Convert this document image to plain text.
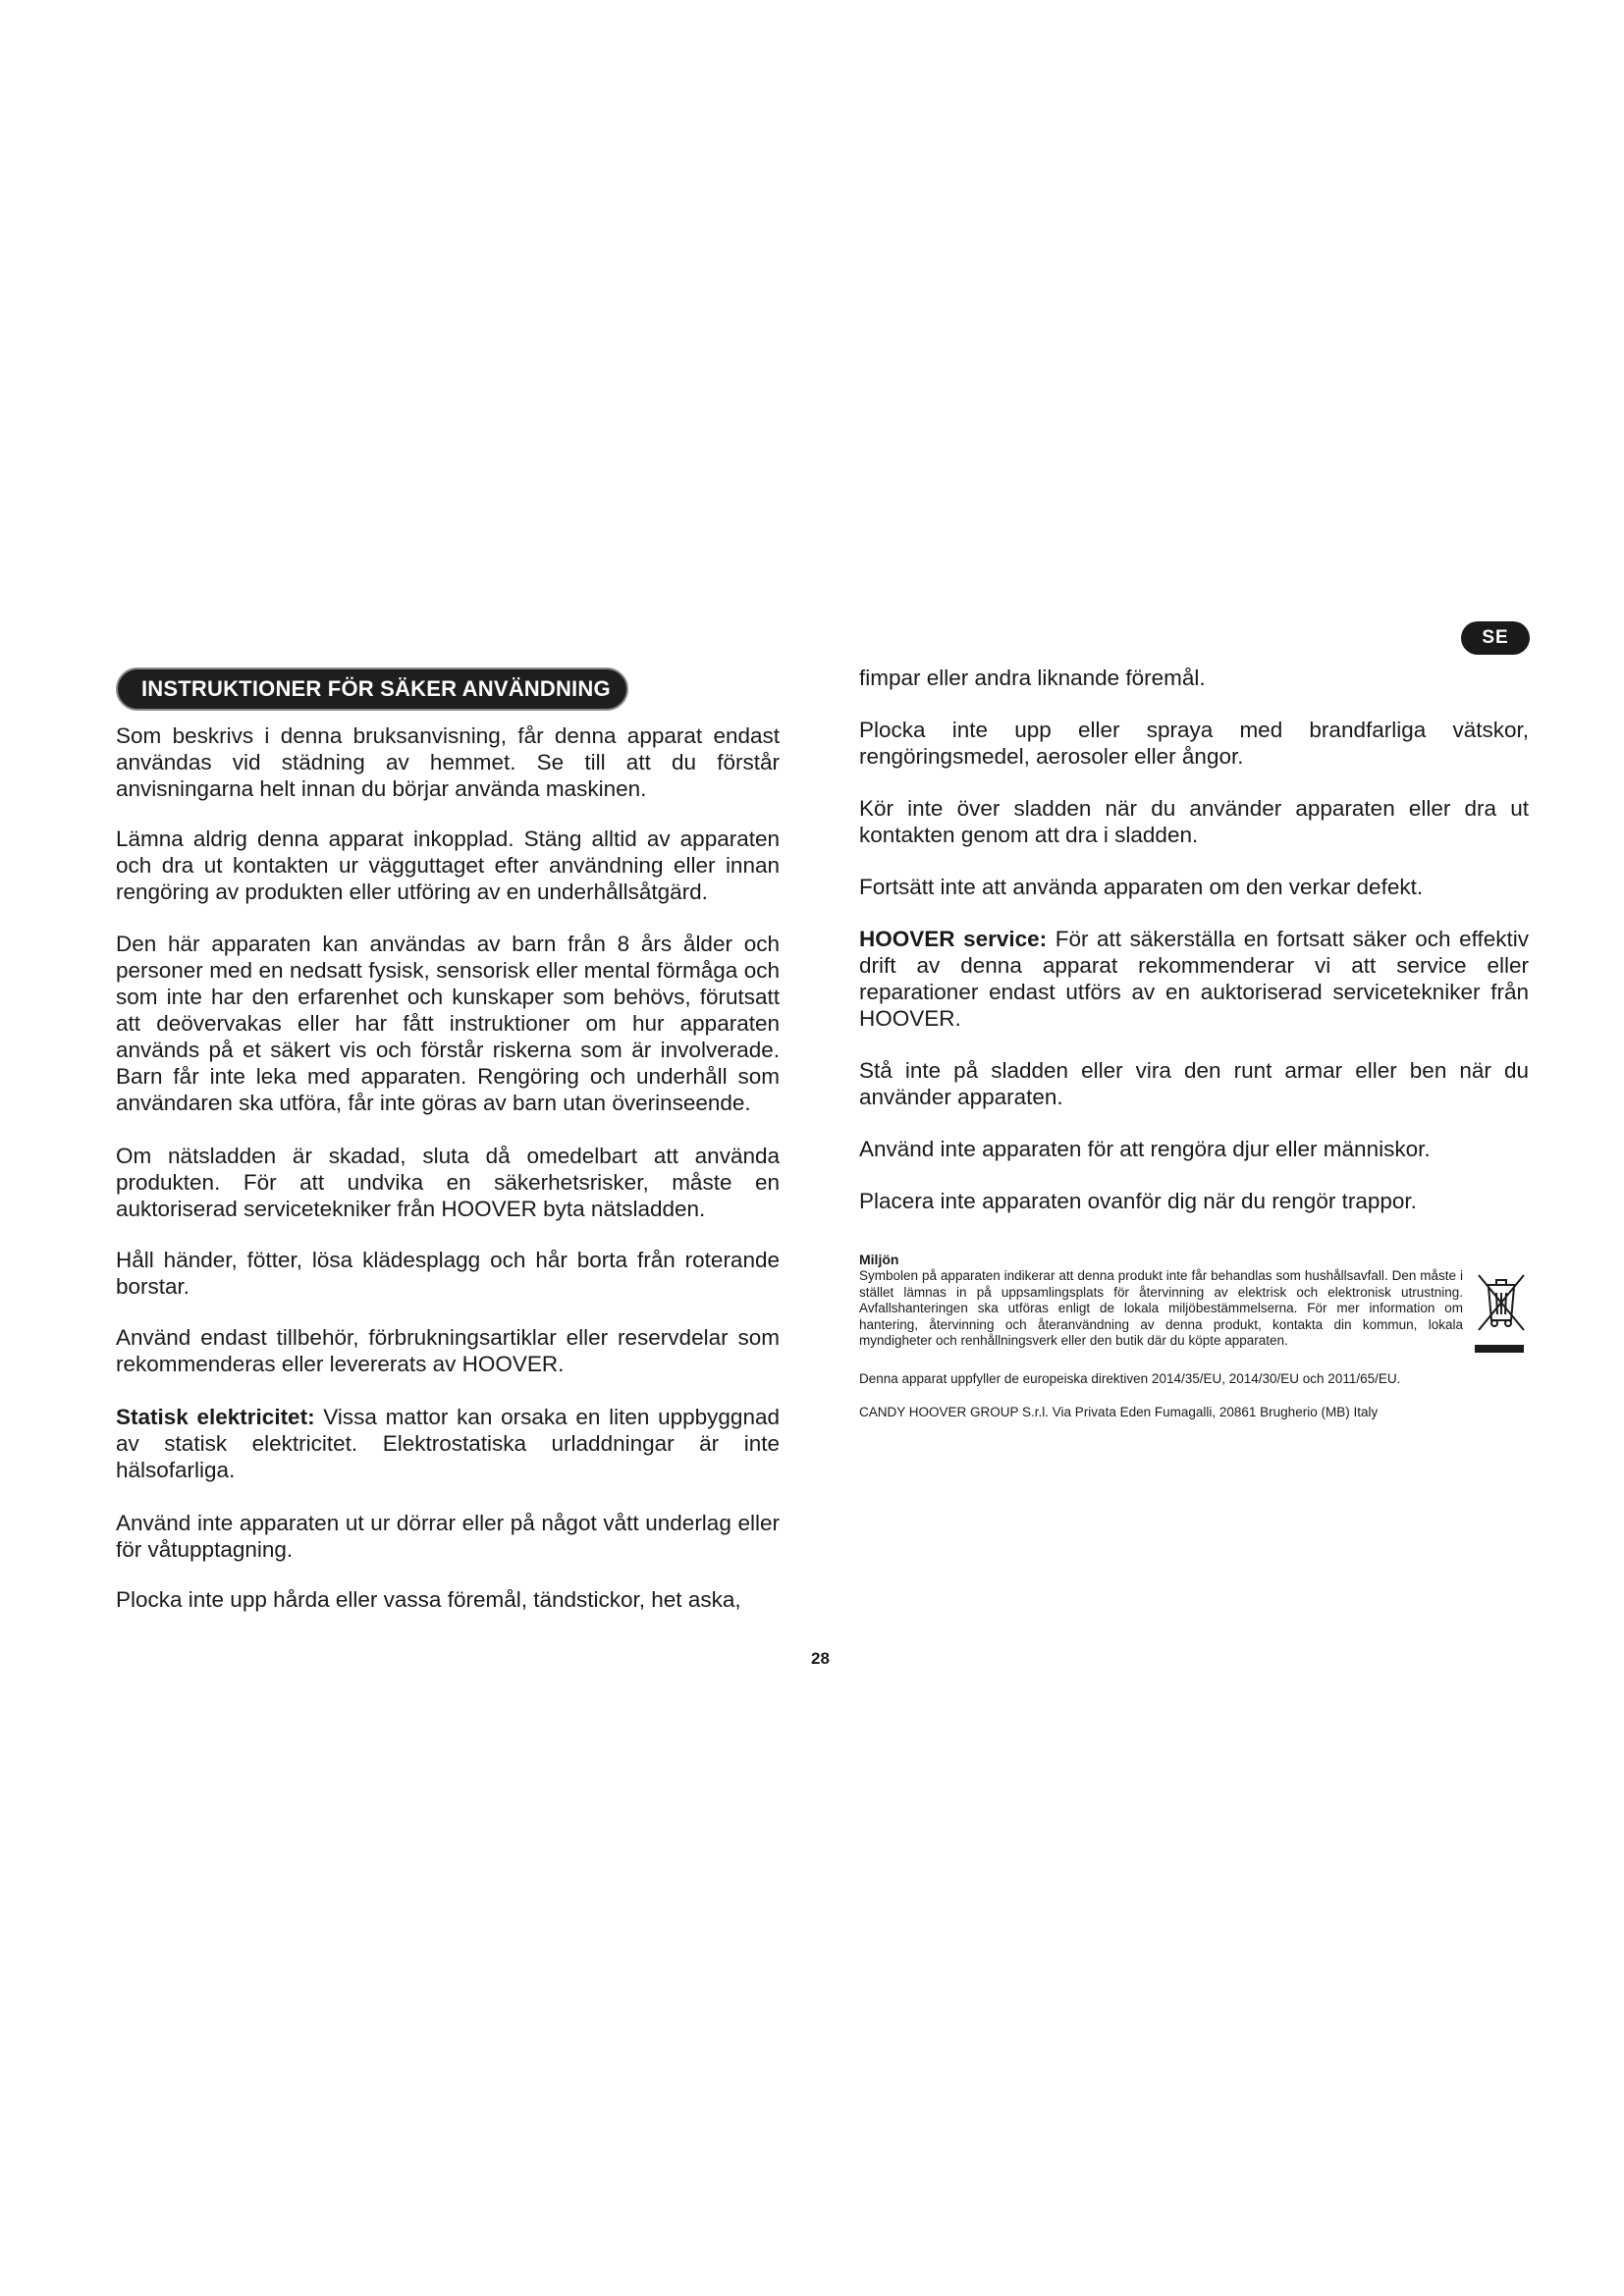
SE
INSTRUKTIONER FÖR SÄKER ANVÄNDNING

Som beskrivs i denna bruksanvisning, får denna apparat endast användas vid städning av hemmet. Se till att du förstår anvisningarna helt innan du börjar använda maskinen.

Lämna aldrig denna apparat inkopplad. Stäng alltid av apparaten och dra ut kontakten ur vägguttaget efter användning eller innan rengöring av produkten eller utföring av en underhållsåtgärd.

Den här apparaten kan användas av barn från 8 års ålder och personer med en nedsatt fysisk, sensorisk eller mental förmåga och som inte har den erfarenhet och kunskaper som behövs, förutsatt att deövervakas eller har fått instruktioner om hur apparaten används på et säkert vis och förstår riskerna som är involverade. Barn får inte leka med apparaten. Rengöring och underhåll som användaren ska utföra, får inte göras av barn utan överinseende.

Om nätsladden är skadad, sluta då omedelbart att använda produkten. För att undvika en säkerhetsrisker, måste en auktoriserad servicetekniker från HOOVER byta nätsladden.

Håll händer, fötter, lösa klädesplagg och hår borta från roterande borstar.

Använd endast tillbehör, förbrukningsartiklar eller reservdelar som rekommenderas eller levererats av HOOVER.

Statisk elektricitet: Vissa mattor kan orsaka en liten uppbyggnad av statisk elektricitet. Elektrostatiska urladdningar är inte hälsofarliga.

Använd inte apparaten ut ur dörrar eller på något vått underlag eller för våtupptagning.

Plocka inte upp hårda eller vassa föremål, tändstickor, het aska,

fimpar eller andra liknande föremål.

Plocka inte upp eller spraya med brandfarliga vätskor, rengöringsmedel, aerosoler eller ångor.

Kör inte över sladden när du använder apparaten eller dra ut kontakten genom att dra i sladden.

Fortsätt inte att använda apparaten om den verkar defekt.

HOOVER service: För att säkerställa en fortsatt säker och effektiv drift av denna apparat rekommenderar vi att service eller reparationer endast utförs av en auktoriserad servicetekniker från HOOVER.

Stå inte på sladden eller vira den runt armar eller ben när du använder apparaten.

Använd inte apparaten för att rengöra djur eller människor.

Placera inte apparaten ovanför dig när du rengör trappor.

Miljön
Symbolen på apparaten indikerar att denna produkt inte får behandlas som hushållsavfall. Den måste i stället lämnas in på uppsamlingsplats för återvinning av elektrisk och elektronisk utrustning. Avfallshanteringen ska utföras enligt de lokala miljöbestämmelserna. För mer information om hantering, återvinning och återanvändning av denna produkt, kontakta din kommun, lokala myndigheter och renhållningsverk eller den butik där du köpte apparaten.
Denna apparat uppfyller de europeiska direktiven 2014/35/EU, 2014/30/EU och 2011/65/EU.
CANDY HOOVER GROUP S.r.l. Via Privata Eden Fumagalli, 20861 Brugherio (MB) Italy
28
